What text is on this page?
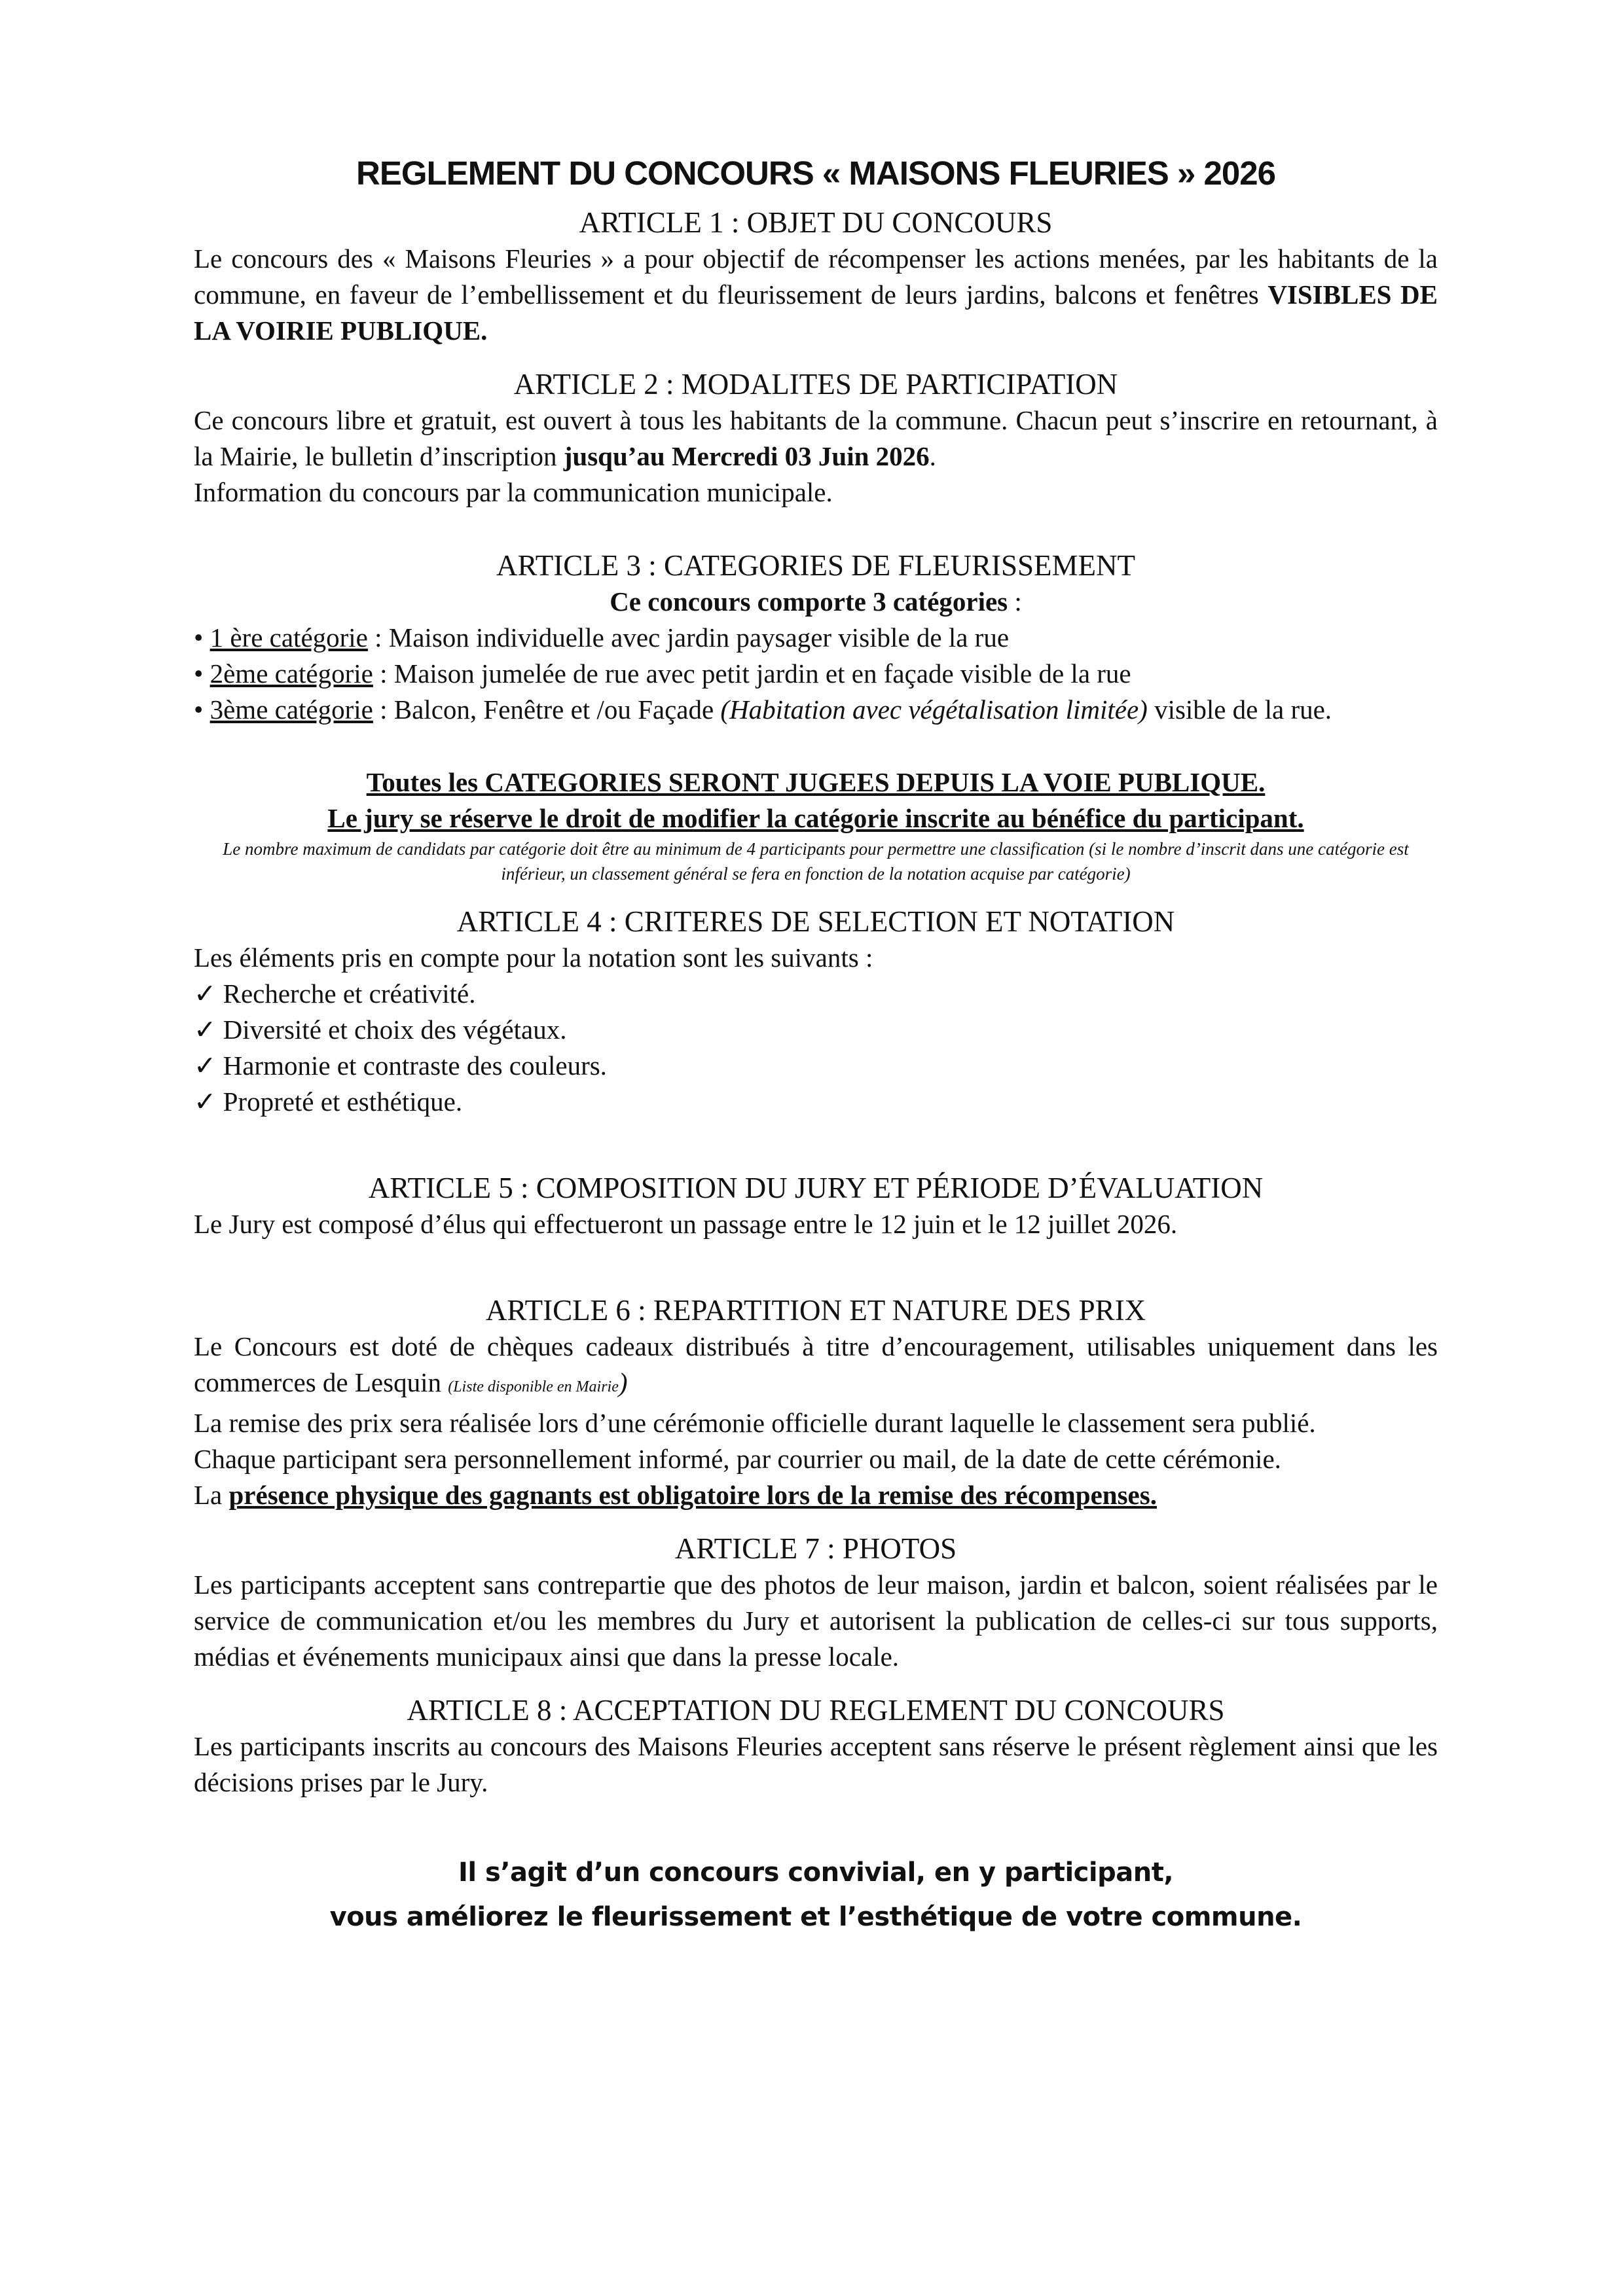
REGLEMENT DU CONCOURS « MAISONS FLEURIES » 2026
ARTICLE 1 : OBJET DU CONCOURS

Le concours des « Maisons Fleuries » a pour objectif de récompenser les actions menées, par les habitants de la commune, en faveur de l’embellissement et du fleurissement de leurs jardins, balcons et fenêtres VISIBLES DE LA VOIRIE PUBLIQUE.

ARTICLE 2 : MODALITES DE PARTICIPATION

Ce concours libre et gratuit, est ouvert à tous les habitants de la commune. Chacun peut s’inscrire en retournant, à la Mairie, le bulletin d’inscription jusqu’au Mercredi 03 Juin 2026.

Information du concours par la communication municipale.

ARTICLE 3 : CATEGORIES DE FLEURISSEMENT

Ce concours comporte 3 catégories :

• 1 ère catégorie : Maison individuelle avec jardin paysager visible de la rue

• 2ème catégorie : Maison jumelée de rue avec petit jardin et en façade visible de la rue

• 3ème catégorie : Balcon, Fenêtre et /ou Façade (Habitation avec végétalisation limitée) visible de la rue.

Toutes les CATEGORIES SERONT JUGEES DEPUIS LA VOIE PUBLIQUE.

Le jury se réserve le droit de modifier la catégorie inscrite au bénéfice du participant.

Le nombre maximum de candidats par catégorie doit être au minimum de 4 participants pour permettre une classification (si le nombre d’inscrit dans une catégorie est inférieur, un classement général se fera en fonction de la notation acquise par catégorie)

ARTICLE 4 : CRITERES DE SELECTION ET NOTATION

Les éléments pris en compte pour la notation sont les suivants :

✓ Recherche et créativité.

✓ Diversité et choix des végétaux.

✓ Harmonie et contraste des couleurs.

✓ Propreté et esthétique.

ARTICLE 5 : COMPOSITION DU JURY ET PÉRIODE D’ÉVALUATION

Le Jury est composé d’élus qui effectueront un passage entre le 12 juin et le 12 juillet 2026.

ARTICLE 6 : REPARTITION ET NATURE DES PRIX

Le Concours est doté de chèques cadeaux distribués à titre d’encouragement, utilisables uniquement dans les commerces de Lesquin (Liste disponible en Mairie)

La remise des prix sera réalisée lors d’une cérémonie officielle durant laquelle le classement sera publié.

Chaque participant sera personnellement informé, par courrier ou mail, de la date de cette cérémonie.

La présence physique des gagnants est obligatoire lors de la remise des récompenses.

ARTICLE 7 : PHOTOS

Les participants acceptent sans contrepartie que des photos de leur maison, jardin et balcon, soient réalisées par le service de communication et/ou les membres du Jury et autorisent la publication de celles-ci sur tous supports, médias et événements municipaux ainsi que dans la presse locale.

ARTICLE 8 : ACCEPTATION DU REGLEMENT DU CONCOURS

Les participants inscrits au concours des Maisons Fleuries acceptent sans réserve le présent règlement ainsi que les décisions prises par le Jury.

Il s’agit d’un concours convivial, en y participant,
vous améliorez le fleurissement et l’esthétique de votre commune.
